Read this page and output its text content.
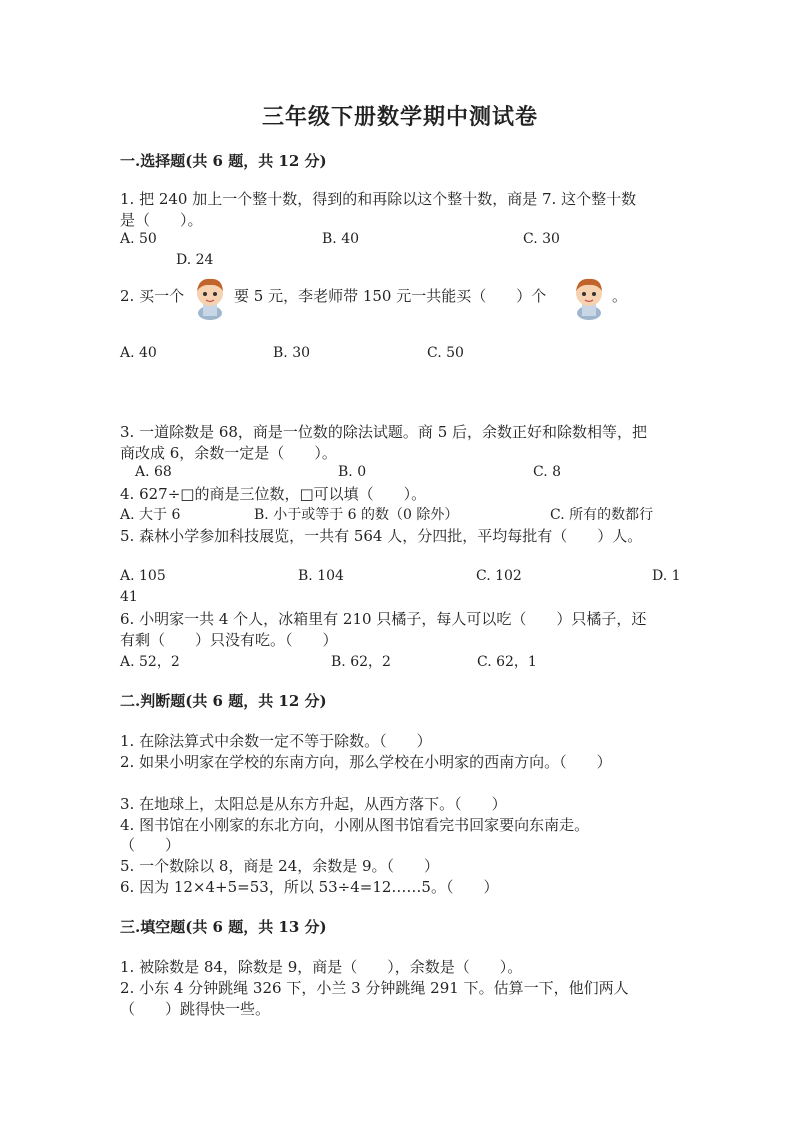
三年级下册数学期中测试卷
一.选择题(共 6 题，共 12 分)
1. 把 240 加上一个整十数，得到的和再除以这个整十数，商是 7. 这个整十数
是（　　）。
A. 50	B. 40	C. 30
D. 24
2. 买一个	要 5 元，李老师带 150 元一共能买（　　）个	。
A. 40	B. 30	C. 50
3. 一道除数是 68，商是一位数的除法试题。商 5 后，余数正好和除数相等，把
商改成 6，余数一定是（　　）。
A. 68	B. 0	C. 8
4. 627÷□的商是三位数，□可以填（　　）。
A. 大于 6	B. 小于或等于 6 的数（0 除外）	C. 所有的数都行
5. 森林小学参加科技展览，一共有 564 人，分四批，平均每批有（　　）人。
A. 105	B. 104	C. 102	D. 1
41
6. 小明家一共 4 个人，冰箱里有 210 只橘子，每人可以吃（　　）只橘子，还
有剩（　　）只没有吃。（　　）
A. 52，2	B. 62，2	C. 62，1
二.判断题(共 6 题，共 12 分)
1. 在除法算式中余数一定不等于除数。（　　）
2. 如果小明家在学校的东南方向，那么学校在小明家的西南方向。（　　）
3. 在地球上，太阳总是从东方升起，从西方落下。（　　）
4. 图书馆在小刚家的东北方向，小刚从图书馆看完书回家要向东南走。
（　　）
5. 一个数除以 8，商是 24，余数是 9。（　　）
6. 因为 12×4+5=53，所以 53÷4=12……5。（　　）
三.填空题(共 6 题，共 13 分)
1. 被除数是 84，除数是 9，商是（　　），余数是（　　）。
2. 小东 4 分钟跳绳 326 下，小兰 3 分钟跳绳 291 下。估算一下，他们两人
（　　）跳得快一些。
